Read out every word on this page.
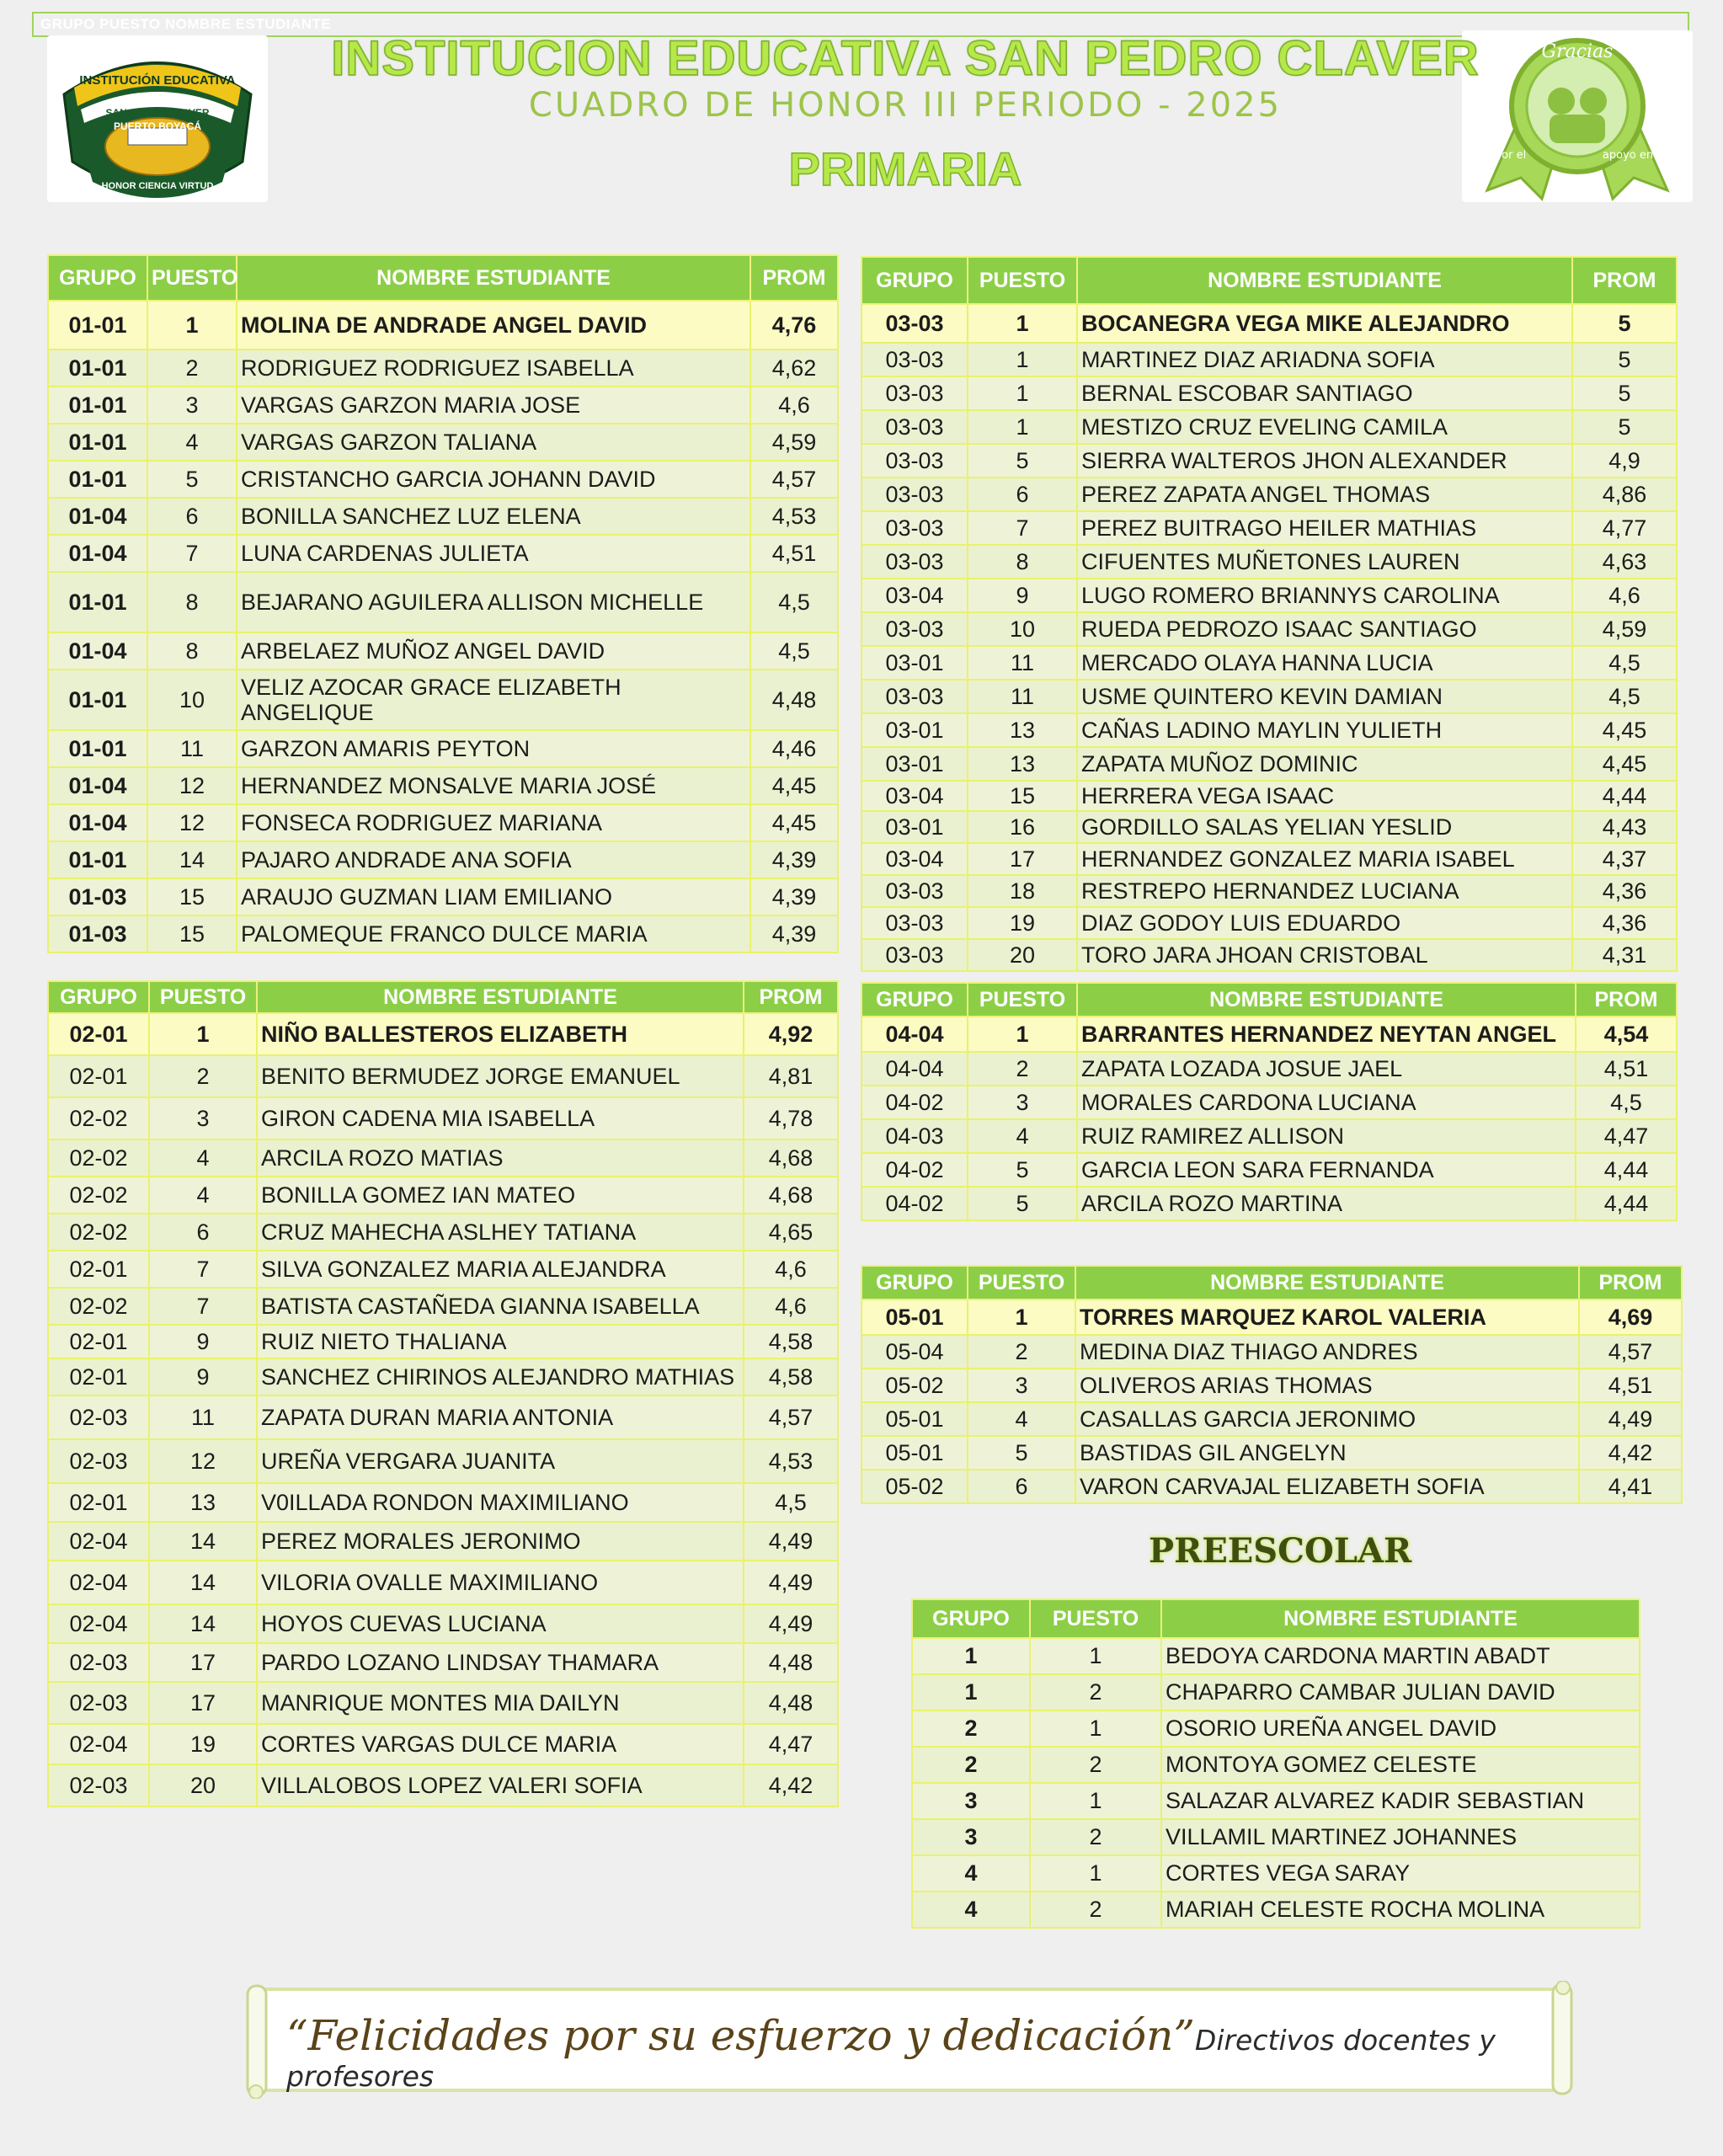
GRUPO PUESTO NOMBRE ESTUDIANTE
INSTITUCIÓN EDUCATIVA
SAN PEDRO CLAVER
PUERTO BOYACÁ
HONOR CIENCIA VIRTUD
Gracias
Por el	apoyo en casa
INSTITUCION EDUCATIVA SAN PEDRO CLAVER
CUADRO DE HONOR III PERIODO - 2025
PRIMARIA
GRUPO	PUESTO	NOMBRE ESTUDIANTE	PROM
01-01	1	MOLINA DE ANDRADE ANGEL DAVID	4,76
01-01	2	RODRIGUEZ RODRIGUEZ ISABELLA	4,62
01-01	3	VARGAS GARZON MARIA JOSE	4,6
01-01	4	VARGAS GARZON TALIANA	4,59
01-01	5	CRISTANCHO GARCIA JOHANN DAVID	4,57
01-04	6	BONILLA SANCHEZ LUZ ELENA	4,53
01-04	7	LUNA CARDENAS JULIETA	4,51
01-01	8	BEJARANO AGUILERA ALLISON MICHELLE	4,5
01-04	8	ARBELAEZ MUÑOZ ANGEL DAVID	4,5
01-01	10	VELIZ AZOCAR GRACE ELIZABETH ANGELIQUE	4,48
01-01	11	GARZON AMARIS PEYTON	4,46
01-04	12	HERNANDEZ MONSALVE MARIA JOSÉ	4,45
01-04	12	FONSECA RODRIGUEZ MARIANA	4,45
01-01	14	PAJARO ANDRADE ANA SOFIA	4,39
01-03	15	ARAUJO GUZMAN LIAM EMILIANO	4,39
01-03	15	PALOMEQUE FRANCO DULCE MARIA	4,39
GRUPO	PUESTO	NOMBRE ESTUDIANTE	PROM
02-01	1	NIÑO BALLESTEROS ELIZABETH	4,92
02-01	2	BENITO BERMUDEZ JORGE EMANUEL	4,81
02-02	3	GIRON CADENA MIA ISABELLA	4,78
02-02	4	ARCILA ROZO MATIAS	4,68
02-02	4	BONILLA GOMEZ IAN MATEO	4,68
02-02	6	CRUZ MAHECHA ASLHEY TATIANA	4,65
02-01	7	SILVA GONZALEZ MARIA ALEJANDRA	4,6
02-02	7	BATISTA CASTAÑEDA GIANNA ISABELLA	4,6
02-01	9	RUIZ NIETO THALIANA	4,58
02-01	9	SANCHEZ CHIRINOS ALEJANDRO MATHIAS	4,58
02-03	11	ZAPATA DURAN MARIA ANTONIA	4,57
02-03	12	UREÑA VERGARA JUANITA	4,53
02-01	13	V0ILLADA RONDON MAXIMILIANO	4,5
02-04	14	PEREZ MORALES JERONIMO	4,49
02-04	14	VILORIA OVALLE MAXIMILIANO	4,49
02-04	14	HOYOS CUEVAS LUCIANA	4,49
02-03	17	PARDO LOZANO LINDSAY THAMARA	4,48
02-03	17	MANRIQUE MONTES MIA DAILYN	4,48
02-04	19	CORTES VARGAS DULCE MARIA	4,47
02-03	20	VILLALOBOS LOPEZ VALERI SOFIA	4,42
GRUPO	PUESTO	NOMBRE ESTUDIANTE	PROM
03-03	1	BOCANEGRA VEGA MIKE ALEJANDRO	5
03-03	1	MARTINEZ DIAZ ARIADNA SOFIA	5
03-03	1	BERNAL ESCOBAR SANTIAGO	5
03-03	1	MESTIZO CRUZ EVELING CAMILA	5
03-03	5	SIERRA WALTEROS JHON ALEXANDER	4,9
03-03	6	PEREZ ZAPATA ANGEL THOMAS	4,86
03-03	7	PEREZ BUITRAGO HEILER MATHIAS	4,77
03-03	8	CIFUENTES MUÑETONES LAUREN	4,63
03-04	9	LUGO ROMERO BRIANNYS CAROLINA	4,6
03-03	10	RUEDA PEDROZO ISAAC SANTIAGO	4,59
03-01	11	MERCADO OLAYA HANNA LUCIA	4,5
03-03	11	USME QUINTERO KEVIN DAMIAN	4,5
03-01	13	CAÑAS LADINO MAYLIN YULIETH	4,45
03-01	13	ZAPATA MUÑOZ DOMINIC	4,45
03-04	15	HERRERA VEGA ISAAC	4,44
03-01	16	GORDILLO SALAS YELIAN YESLID	4,43
03-04	17	HERNANDEZ GONZALEZ MARIA ISABEL	4,37
03-03	18	RESTREPO HERNANDEZ LUCIANA	4,36
03-03	19	DIAZ GODOY LUIS EDUARDO	4,36
03-03	20	TORO JARA JHOAN CRISTOBAL	4,31
GRUPO	PUESTO	NOMBRE ESTUDIANTE	PROM
04-04	1	BARRANTES HERNANDEZ NEYTAN ANGEL	4,54
04-04	2	ZAPATA LOZADA JOSUE JAEL	4,51
04-02	3	MORALES CARDONA LUCIANA	4,5
04-03	4	RUIZ RAMIREZ ALLISON	4,47
04-02	5	GARCIA LEON SARA FERNANDA	4,44
04-02	5	ARCILA ROZO MARTINA	4,44
GRUPO	PUESTO	NOMBRE ESTUDIANTE	PROM
05-01	1	TORRES MARQUEZ KAROL VALERIA	4,69
05-04	2	MEDINA DIAZ THIAGO ANDRES	4,57
05-02	3	OLIVEROS ARIAS THOMAS	4,51
05-01	4	CASALLAS GARCIA JERONIMO	4,49
05-01	5	BASTIDAS GIL ANGELYN	4,42
05-02	6	VARON CARVAJAL ELIZABETH SOFIA	4,41
PREESCOLAR
GRUPO	PUESTO	NOMBRE ESTUDIANTE
1	1	BEDOYA CARDONA MARTIN ABADT
1	2	CHAPARRO CAMBAR JULIAN DAVID
2	1	OSORIO UREÑA ANGEL DAVID
2	2	MONTOYA GOMEZ CELESTE
3	1	SALAZAR ALVAREZ KADIR SEBASTIAN
3	2	VILLAMIL MARTINEZ JOHANNES
4	1	CORTES VEGA SARAY
4	2	MARIAH CELESTE ROCHA MOLINA
“Felicidades por su esfuerzo y dedicación”Directivos docentes y profesores
